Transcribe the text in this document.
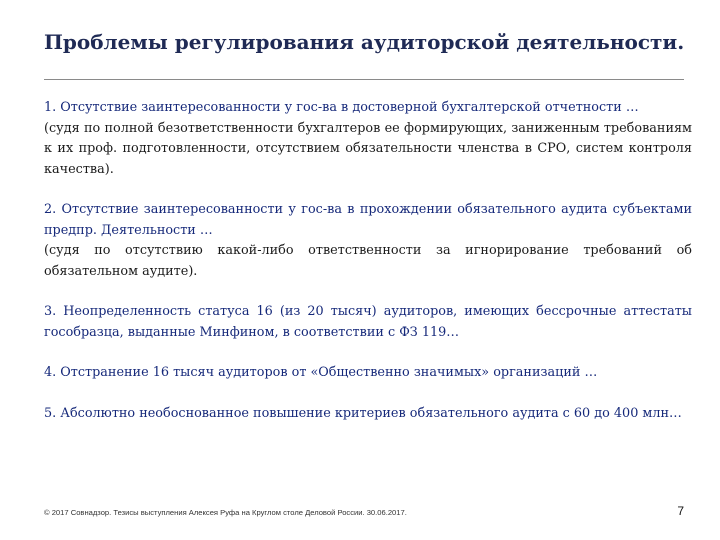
Проблемы регулирования аудиторской деятельности.
1. Отсутствие заинтересованности у гос-ва в достоверной бухгалтерской отчетности …
(судя по полной безответственности бухгалтеров ее формирующих, заниженным требованиям к их проф. подготовленности, отсутствием обязательности членства в СРО, систем контроля качества).
2. Отсутствие заинтересованности у гос-ва в прохождении обязательного аудита субъектами предпр. Деятельности …
(судя по отсутствию какой-либо ответственности за игнорирование требований об обязательном аудите).
3. Неопределенность статуса 16 (из 20 тысяч) аудиторов, имеющих бессрочные аттестаты гособразца, выданные Минфином, в соответствии с ФЗ 119…
4. Отстранение 16 тысяч аудиторов от «Общественно значимых» организаций …
5. Абсолютно необоснованное повышение критериев обязательного аудита с 60 до 400 млн…
© 2017 Совнадзор. Тезисы выступления Алексея Руфа на Круглом столе Деловой России. 30.06.2017.	7
